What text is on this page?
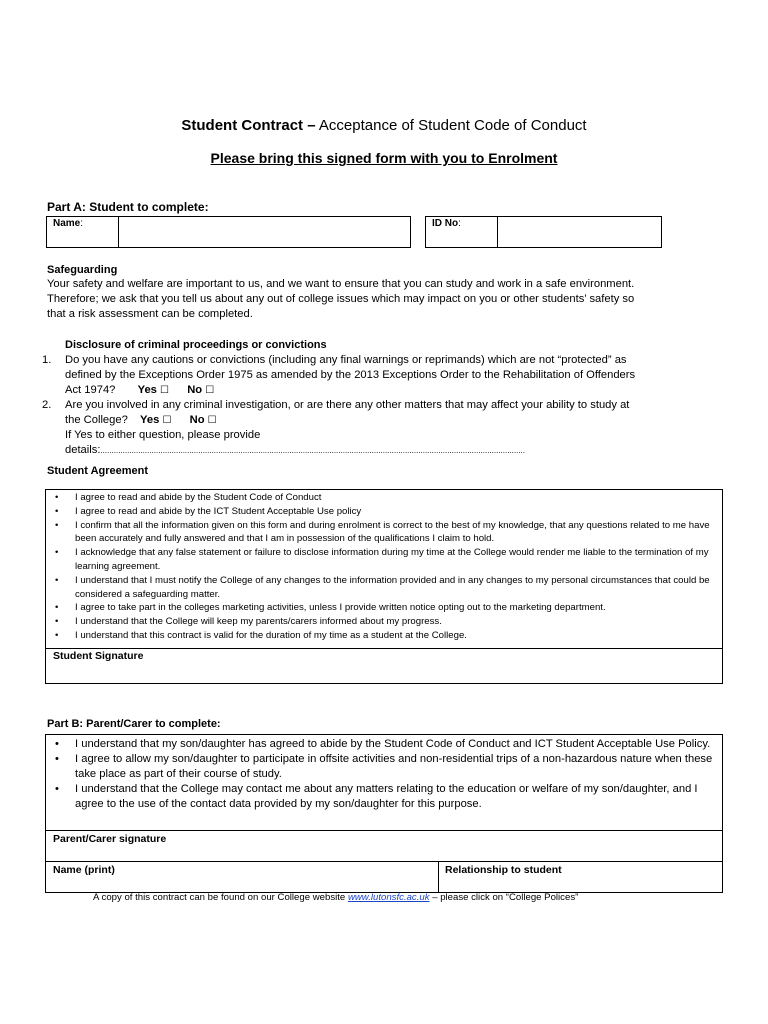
Student Contract – Acceptance of Student Code of Conduct
Please bring this signed form with you to Enrolment
Part A: Student to complete:
Name:	ID No:
Safeguarding
Your safety and welfare are important to us, and we want to ensure that you can study and work in a safe environment.
Therefore; we ask that you tell us about any out of college issues which may impact on you or other students’ safety so
that a risk assessment can be completed.
Disclosure of criminal proceedings or convictions
1. Do you have any cautions or convictions (including any final warnings or reprimands) which are not “protected” as
defined by the Exceptions Order 1975 as amended by the 2013 Exceptions Order to the Rehabilitation of Offenders
Act 1974? Yes ☐ No ☐
2. Are you involved in any criminal investigation, or are there any other matters that may affect your ability to study at
the College? Yes ☐ No ☐
If Yes to either question, please provide
details:...............................................................................................................................................................................................
Student Agreement
• I agree to read and abide by the Student Code of Conduct
• I agree to read and abide by the ICT Student Acceptable Use policy
• I confirm that all the information given on this form and during enrolment is correct to the best of my knowledge, that any questions related to me have been accurately and fully answered and that I am in possession of the qualifications I claim to hold.
• I acknowledge that any false statement or failure to disclose information during my time at the College would render me liable to the termination of my learning agreement.
• I understand that I must notify the College of any changes to the information provided and in any changes to my personal circumstances that could be considered a safeguarding matter.
• I agree to take part in the colleges marketing activities, unless I provide written notice opting out to the marketing department.
• I understand that the College will keep my parents/carers informed about my progress.
• I understand that this contract is valid for the duration of my time as a student at the College.
Student Signature
Part B: Parent/Carer to complete:
• I understand that my son/daughter has agreed to abide by the Student Code of Conduct and ICT Student Acceptable Use Policy.
• I agree to allow my son/daughter to participate in offsite activities and non-residential trips of a non-hazardous nature when these take place as part of their course of study.
• I understand that the College may contact me about any matters relating to the education or welfare of my son/daughter, and I agree to the use of the contact data provided by my son/daughter for this purpose.
Parent/Carer signature
Name (print)	Relationship to student
A copy of this contract can be found on our College website www.lutonsfc.ac.uk – please click on “College Polices”
